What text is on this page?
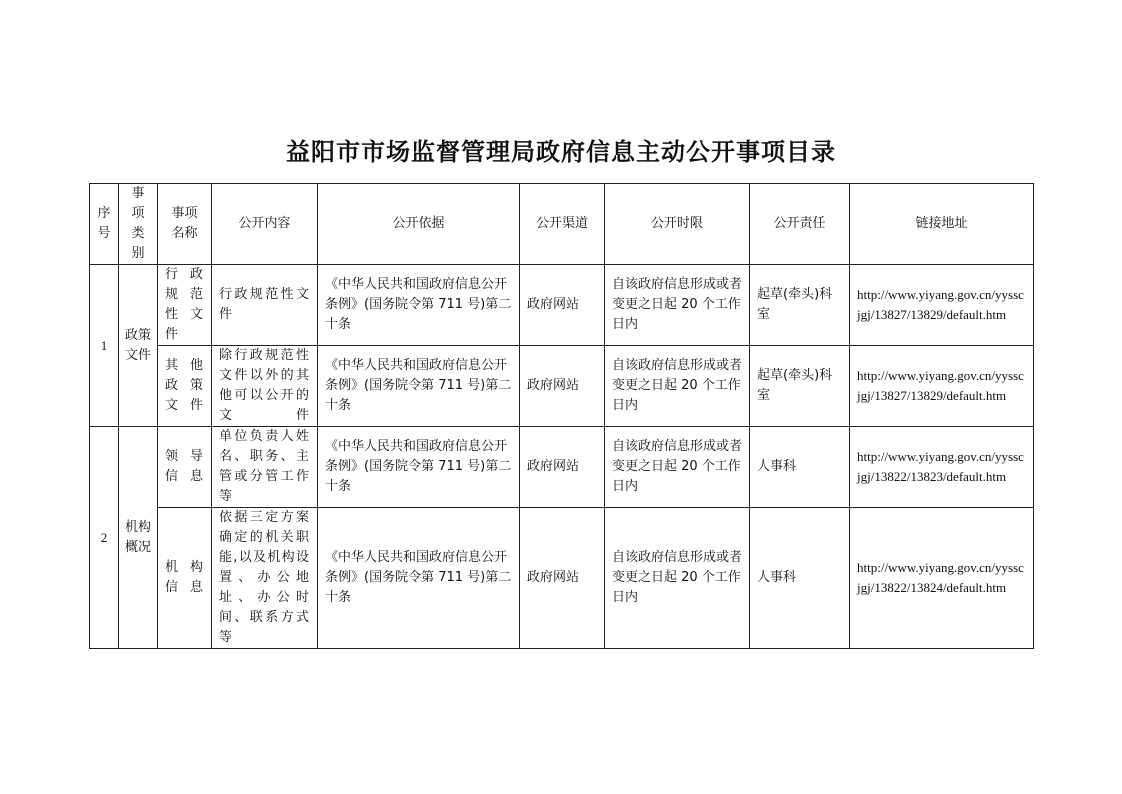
益阳市市场监督管理局政府信息主动公开事项目录
序号	事项类别	事项名称	公开内容	公开依据	公开渠道	公开时限	公开责任	链接地址
1	政策文件	行政规范性文件	行政规范性文件	《中华人民共和国政府信息公开条例》(国务院令第 711 号)第二十条	政府网站	自该政府信息形成或者变更之日起 20 个工作日内	起草(牵头)科室	http://www.yiyang.gov.cn/yysscjgj/13827/13829/default.htm
		其他政策文件	除行政规范性文件以外的其他可以公开的文件	《中华人民共和国政府信息公开条例》(国务院令第 711 号)第二十条	政府网站	自该政府信息形成或者变更之日起 20 个工作日内	起草(牵头)科室	http://www.yiyang.gov.cn/yysscjgj/13827/13829/default.htm
2	机构概况	领导信息	单位负责人姓名、职务、主管或分管工作等	《中华人民共和国政府信息公开条例》(国务院令第 711 号)第二十条	政府网站	自该政府信息形成或者变更之日起 20 个工作日内	人事科	http://www.yiyang.gov.cn/yysscjgj/13822/13823/default.htm
		机构信息	依据三定方案确定的机关职能,以及机构设置、办公地址、办公时间、联系方式等	《中华人民共和国政府信息公开条例》(国务院令第 711 号)第二十条	政府网站	自该政府信息形成或者变更之日起 20 个工作日内	人事科	http://www.yiyang.gov.cn/yysscjgj/13822/13824/default.htm
